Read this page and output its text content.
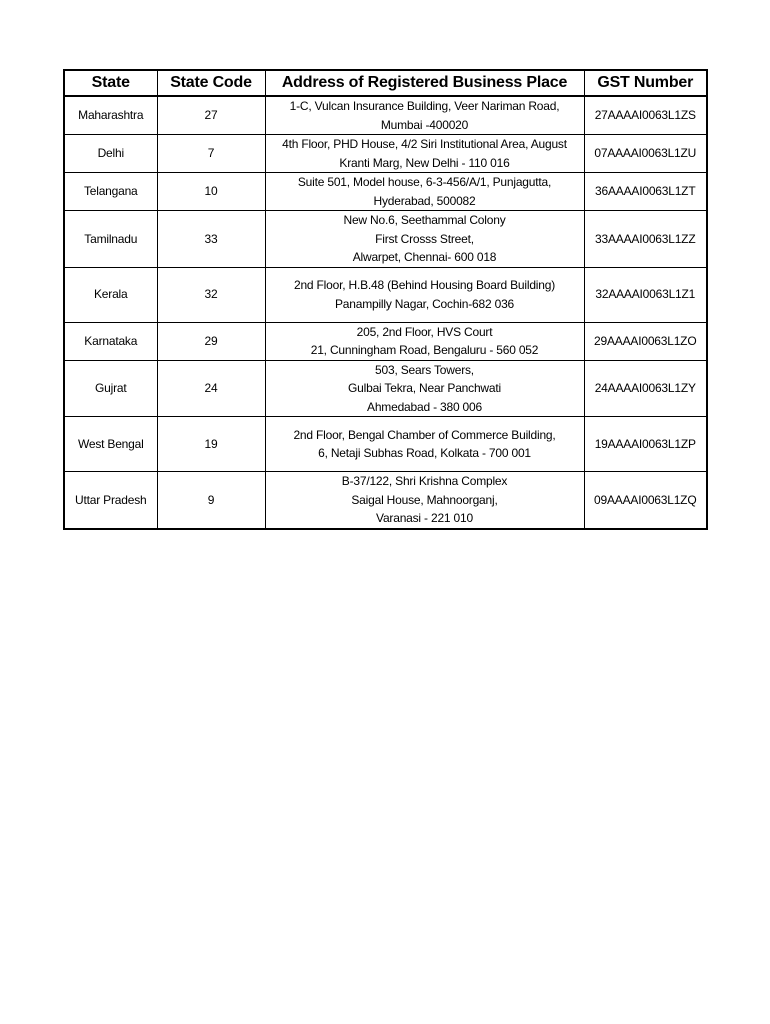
State	State Code	Address of Registered Business Place	GST Number
Maharashtra	27	1-C, Vulcan Insurance Building, Veer Nariman Road,
Mumbai -400020	27AAAAI0063L1ZS
Delhi	7	4th Floor, PHD House, 4/2 Siri Institutional Area, August
Kranti Marg, New Delhi - 110 016	07AAAAI0063L1ZU
Telangana	10	Suite 501, Model house, 6-3-456/A/1, Punjagutta,
Hyderabad, 500082	36AAAAI0063L1ZT
Tamilnadu	33	New No.6, Seethammal Colony
First Crosss Street,
Alwarpet, Chennai- 600 018	33AAAAI0063L1ZZ
Kerala	32	2nd Floor, H.B.48 (Behind Housing Board Building)
Panampilly Nagar, Cochin-682 036	32AAAAI0063L1Z1
Karnataka	29	205, 2nd Floor, HVS Court
21, Cunningham Road, Bengaluru - 560 052	29AAAAI0063L1ZO
Gujrat	24	503, Sears Towers,
Gulbai Tekra, Near Panchwati
Ahmedabad - 380 006	24AAAAI0063L1ZY
West Bengal	19	2nd Floor, Bengal Chamber of Commerce Building,
6, Netaji Subhas Road, Kolkata - 700 001	19AAAAI0063L1ZP
Uttar Pradesh	9	B-37/122, Shri Krishna Complex
Saigal House, Mahnoorganj,
Varanasi - 221 010	09AAAAI0063L1ZQ
